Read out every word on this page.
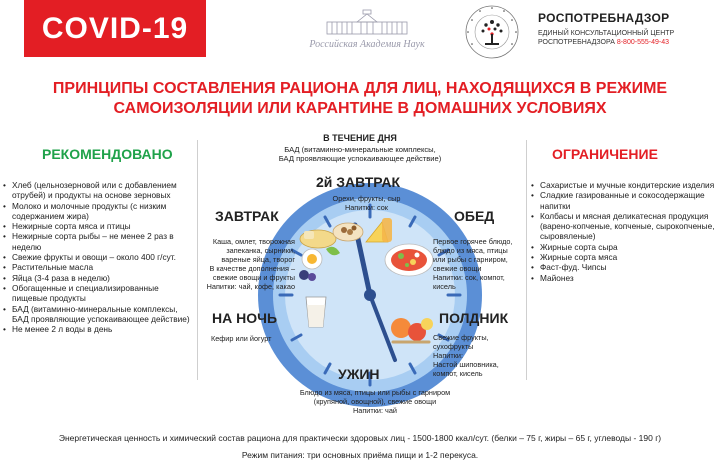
COVID-19	Российская Академия Наук
РОСПОТРЕБНАДЗОР
ЕДИНЫЙ КОНСУЛЬТАЦИОННЫЙ ЦЕНТР
РОСПОТРЕБНАДЗОРА 8-800-555-49-43
ПРИНЦИПЫ СОСТАВЛЕНИЯ РАЦИОНА ДЛЯ ЛИЦ, НАХОДЯЩИХСЯ В РЕЖИМЕ
САМОИЗОЛЯЦИИ ИЛИ КАРАНТИНЕ В ДОМАШНИХ УСЛОВИЯХ
РЕКОМЕНДОВАНО
• Хлеб (цельнозерновой или с добавлением отрубей) и продукты на основе зерновых
• Молоко и молочные продукты (с низким содержанием жира)
• Нежирные сорта мяса и птицы
• Нежирные сорта рыбы – не менее 2 раз в неделю
• Свежие фрукты и овощи – около 400 г/сут.
• Растительные масла
• Яйца (3-4 раза в неделю)
• Обогащенные и специализированные пищевые продукты
• БАД (витаминно-минеральные комплексы, БАД проявляющие успокаивающее действие)
• Не менее 2 л воды в день
ОГРАНИЧЕНИЕ
• Сахаристые и мучные кондитерские изделия
• Сладкие газированные и сокосодержащие напитки
• Колбасы и мясная деликатесная продукция (варено-копченые, копченые, сырокопченые, сыровяленые)
• Жирные сорта сыра
• Жирные сорта мяса
• Фаст-фуд. Чипсы
• Майонез
В ТЕЧЕНИЕ ДНЯ
БАД (витаминно-минеральные комплексы,
БАД проявляющие успокаивающее действие)
2й ЗАВТРАК
Орехи, фрукты, сыр
Напитки: сок
ЗАВТРАК
Каша, омлет, творожная
запеканка, сырники,
вареные яйца, творог
В качестве дополнения –
свежие овощи и фрукты
Напитки: чай, кофе, какао
ОБЕД
Первое горячее блюдо,
блюдо из мяса, птицы
или рыбы с гарниром,
свежие овощи
Напитки: сок, компот,
кисель
НА НОЧЬ
Кефир или йогурт
ПОЛДНИК
Свежие фрукты,
сухофрукты
Напитки:
Настой шиповника,
компот, кисель
УЖИН
Блюдо из мяса, птицы или рыбы с гарниром
(крупяной, овощной), свежие овощи
Напитки: чай
Энергетическая ценность и химический состав рациона для практически здоровых лиц - 1500-1800 ккал/сут. (белки – 75 г, жиры – 65 г, углеводы - 190 г)
Режим питания: три основных приёма пищи и 1-2 перекуса.
